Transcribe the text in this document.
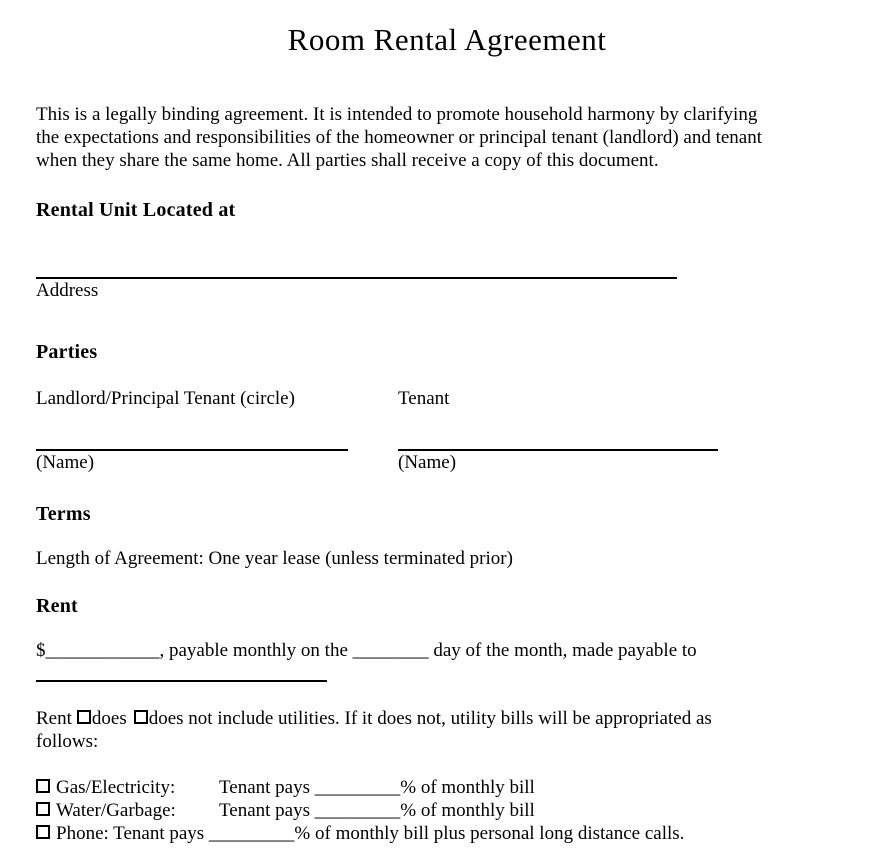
Room Rental Agreement
This is a legally binding agreement. It is intended to promote household harmony by clarifying
the expectations and responsibilities of the homeowner or principal tenant (landlord) and tenant
when they share the same home. All parties shall receive a copy of this document.
Rental Unit Located at
Address
Parties
Landlord/Principal Tenant (circle)	Tenant
(Name)	(Name)
Terms
Length of Agreement: One year lease (unless terminated prior)
Rent
$____________, payable monthly on the ________ day of the month, made payable to
Rent does does not include utilities. If it does not, utility bills will be appropriated as
follows:
Gas/Electricity: Tenant pays _________% of monthly bill
Water/Garbage: Tenant pays _________% of monthly bill
Phone: Tenant pays _________% of monthly bill plus personal long distance calls.
